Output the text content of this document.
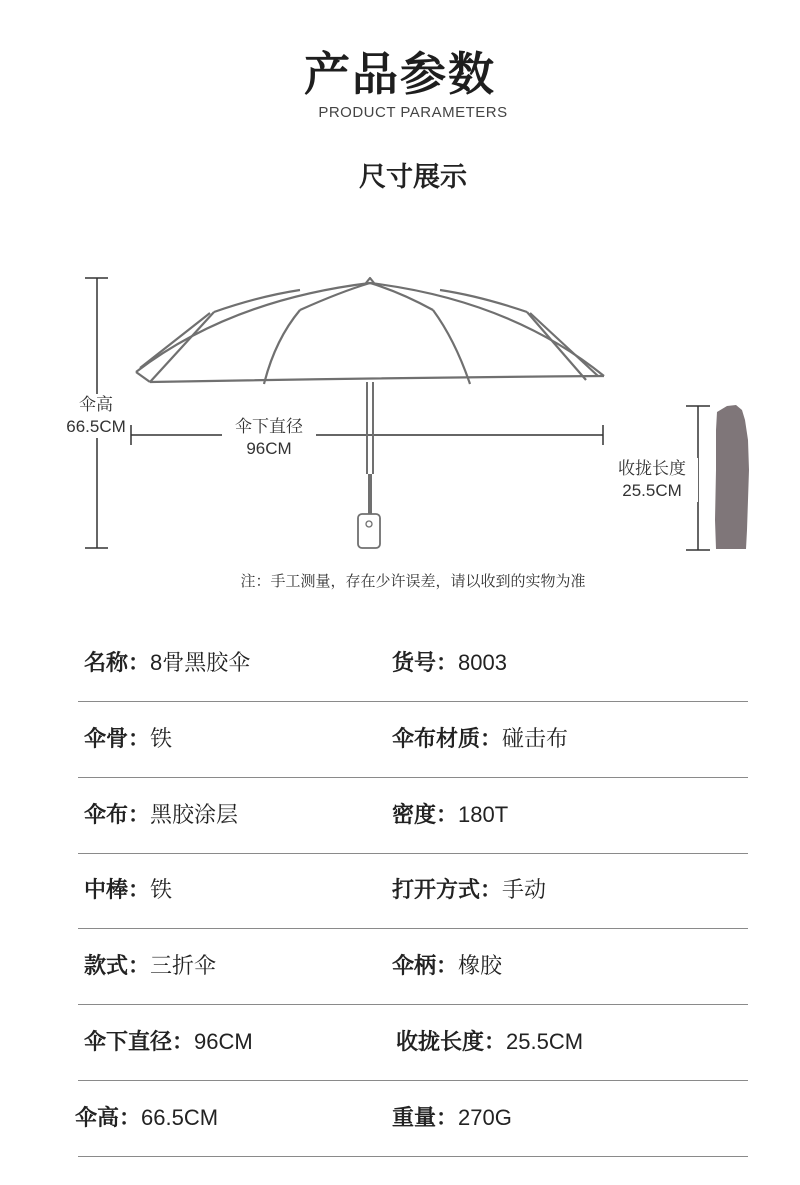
产品参数
PRODUCT PARAMETERS
尺寸展示
伞高
66.5CM	伞下直径
96CM
收拢长度
25.5CM
注：手工测量，存在少许误差，请以收到的实物为准
名称：8骨黑胶伞	货号：8003
伞骨：铁	伞布材质：碰击布
伞布：黑胶涂层	密度：180T
中棒：铁	打开方式：手动
款式：三折伞	伞柄：橡胶
伞下直径：96CM	收拢长度：25.5CM
伞高：66.5CM	重量：270G
